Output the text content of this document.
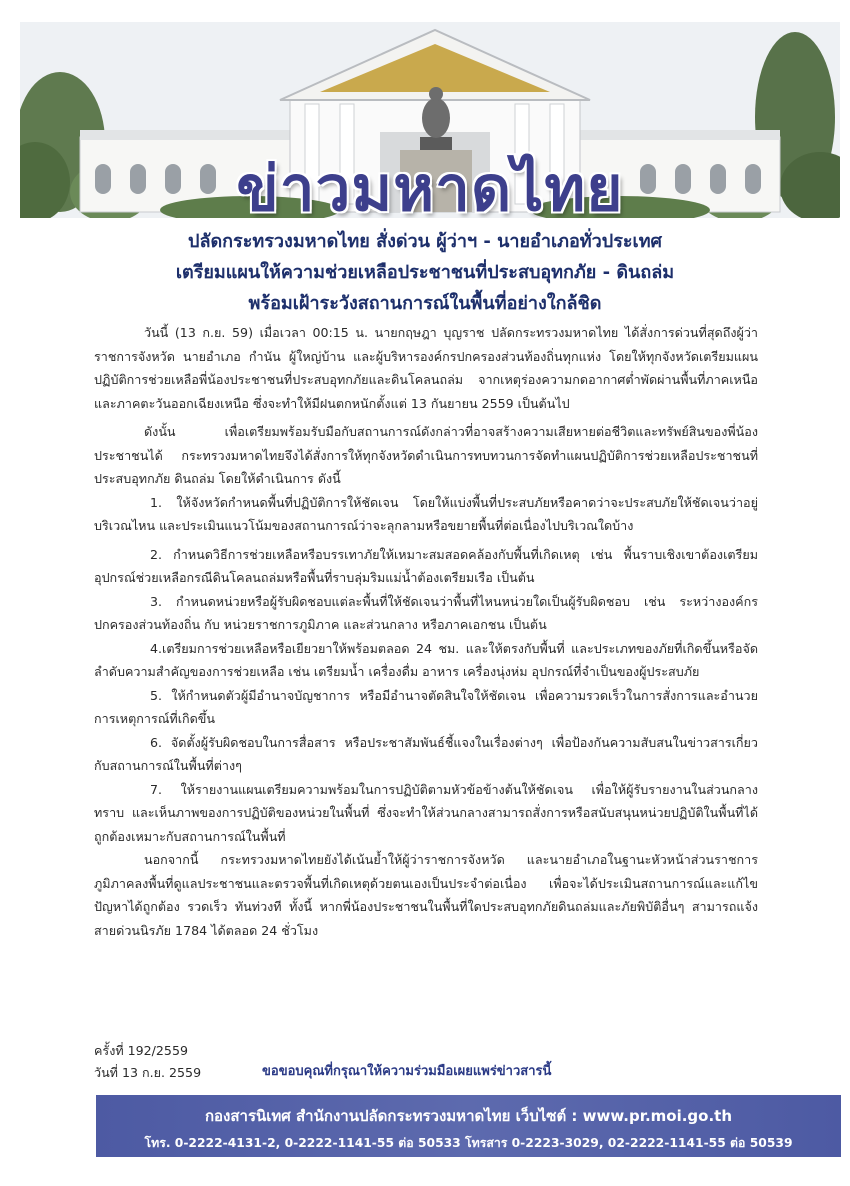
ข่าวมหาดไทย
ปลัดกระทรวงมหาดไทย สั่งด่วน ผู้ว่าฯ - นายอำเภอทั่วประเทศ
เตรียมแผนให้ความช่วยเหลือประชาชนที่ประสบอุทกภัย - ดินถล่ม
พร้อมเฝ้าระวังสถานการณ์ในพื้นที่อย่างใกล้ชิด

วันนี้ (13 ก.ย. 59) เมื่อเวลา 00:15 น. นายกฤษฎา บุญราช ปลัดกระทรวงมหาดไทย ได้สั่งการด่วนที่สุดถึงผู้ว่าราชการจังหวัด นายอำเภอ กำนัน ผู้ใหญ่บ้าน และผู้บริหารองค์กรปกครองส่วนท้องถิ่นทุกแห่ง โดยให้ทุกจังหวัดเตรียมแผนปฏิบัติการช่วยเหลือพี่น้องประชาชนที่ประสบอุทกภัยและดินโคลนถล่ม จากเหตุร่องความกดอากาศต่ำพัดผ่านพื้นที่ภาคเหนือและภาคตะวันออกเฉียงเหนือ ซึ่งจะทำให้มีฝนตกหนักตั้งแต่ 13 กันยายน 2559 เป็นต้นไป

ดังนั้น เพื่อเตรียมพร้อมรับมือกับสถานการณ์ดังกล่าวที่อาจสร้างความเสียหายต่อชีวิตและทรัพย์สินของพี่น้องประชาชนได้ กระทรวงมหาดไทยจึงได้สั่งการให้ทุกจังหวัดดำเนินการทบทวนการจัดทำแผนปฏิบัติการช่วยเหลือประชาชนที่ประสบอุทกภัย ดินถล่ม โดยให้ดำเนินการ ดังนี้

1. ให้จังหวัดกำหนดพื้นที่ปฏิบัติการให้ชัดเจน โดยให้แบ่งพื้นที่ประสบภัยหรือคาดว่าจะประสบภัยให้ชัดเจนว่าอยู่บริเวณไหน และประเมินแนวโน้มของสถานการณ์ว่าจะลุกลามหรือขยายพื้นที่ต่อเนื่องไปบริเวณใดบ้าง

2. กำหนดวิธีการช่วยเหลือหรือบรรเทาภัยให้เหมาะสมสอดคล้องกับพื้นที่เกิดเหตุ เช่น พื้นราบเชิงเขาต้องเตรียมอุปกรณ์ช่วยเหลือกรณีดินโคลนถล่มหรือพื้นที่ราบลุ่มริมแม่น้ำต้องเตรียมเรือ เป็นต้น

3. กำหนดหน่วยหรือผู้รับผิดชอบแต่ละพื้นที่ให้ชัดเจนว่าพื้นที่ไหนหน่วยใดเป็นผู้รับผิดชอบ เช่น ระหว่างองค์กรปกครองส่วนท้องถิ่น กับ หน่วยราชการภูมิภาค และส่วนกลาง หรือภาคเอกชน เป็นต้น

4.เตรียมการช่วยเหลือหรือเยียวยาให้พร้อมตลอด 24 ชม. และให้ตรงกับพื้นที่ และประเภทของภัยที่เกิดขึ้นหรือจัดลำดับความสำคัญของการช่วยเหลือ เช่น เตรียมน้ำ เครื่องดื่ม อาหาร เครื่องนุ่งห่ม อุปกรณ์ที่จำเป็นของผู้ประสบภัย

5. ให้กำหนดตัวผู้มีอำนาจบัญชาการ หรือมีอำนาจตัดสินใจให้ชัดเจน เพื่อความรวดเร็วในการสั่งการและอำนวยการเหตุการณ์ที่เกิดขึ้น

6. จัดตั้งผู้รับผิดชอบในการสื่อสาร หรือประชาสัมพันธ์ชี้แจงในเรื่องต่างๆ เพื่อป้องกันความสับสนในข่าวสารเกี่ยวกับสถานการณ์ในพื้นที่ต่างๆ

7. ให้รายงานแผนเตรียมความพร้อมในการปฏิบัติตามหัวข้อข้างต้นให้ชัดเจน เพื่อให้ผู้รับรายงานในส่วนกลางทราบ และเห็นภาพของการปฏิบัติของหน่วยในพื้นที่ ซึ่งจะทำให้ส่วนกลางสามารถสั่งการหรือสนับสนุนหน่วยปฏิบัติในพื้นที่ได้ถูกต้องเหมาะกับสถานการณ์ในพื้นที่

นอกจากนี้ กระทรวงมหาดไทยยังได้เน้นย้ำให้ผู้ว่าราชการจังหวัด และนายอำเภอในฐานะหัวหน้าส่วนราชการภูมิภาคลงพื้นที่ดูแลประชาชนและตรวจพื้นที่เกิดเหตุด้วยตนเองเป็นประจำต่อเนื่อง เพื่อจะได้ประเมินสถานการณ์และแก้ไขปัญหาได้ถูกต้อง รวดเร็ว ทันท่วงที ทั้งนี้ หากพี่น้องประชาชนในพื้นที่ใดประสบอุทกภัยดินถล่มและภัยพิบัติอื่นๆ สามารถแจ้งสายด่วนนิรภัย 1784 ได้ตลอด 24 ชั่วโมง

ครั้งที่ 192/2559
วันที่ 13 ก.ย. 2559	ขอขอบคุณที่กรุณาให้ความร่วมมือเผยแพร่ข่าวสารนี้
กองสารนิเทศ สำนักงานปลัดกระทรวงมหาดไทย เว็บไซต์ : www.pr.moi.go.th
โทร. 0-2222-4131-2, 0-2222-1141-55 ต่อ 50533 โทรสาร 0-2223-3029, 02-2222-1141-55 ต่อ 50539
